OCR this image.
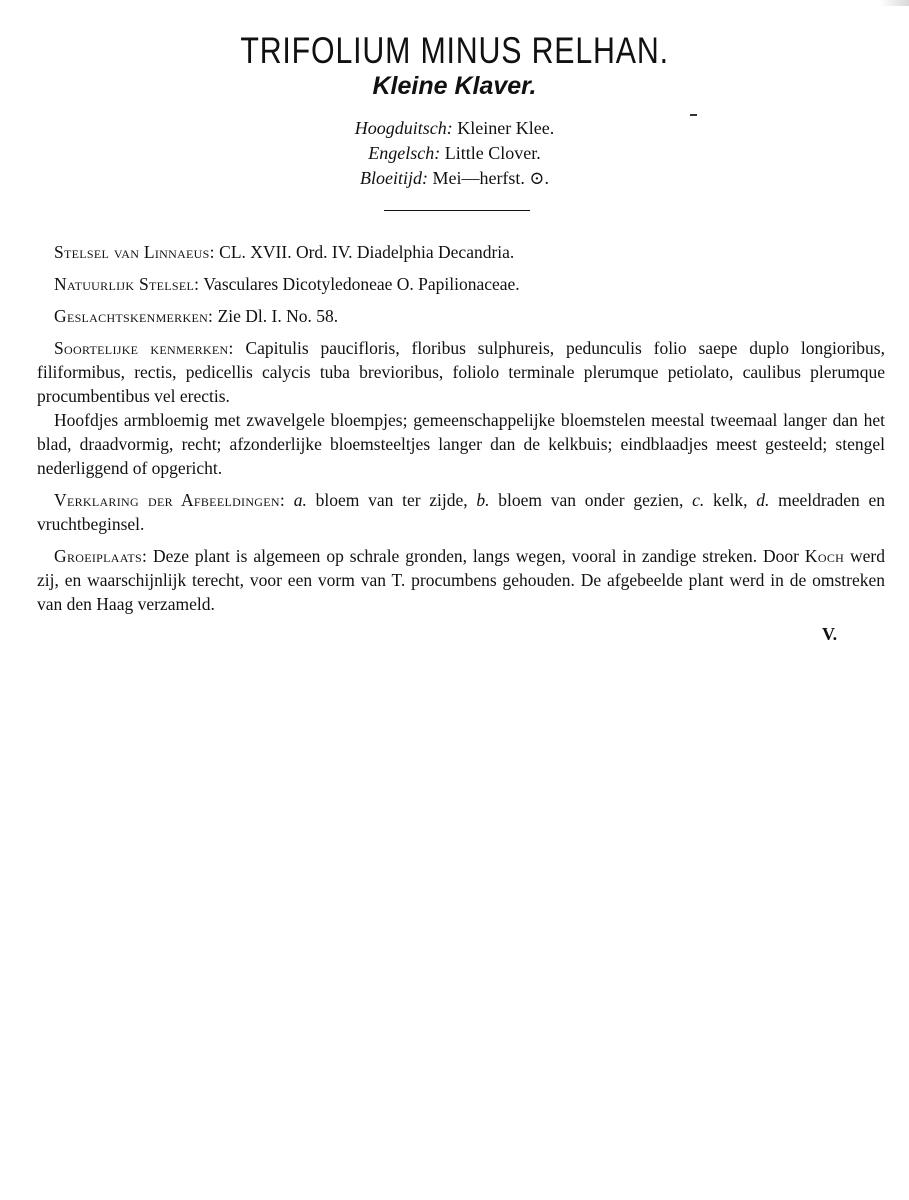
TRIFOLIUM MINUS RELHAN.
Kleine Klaver.
Hoogduitsch: Kleiner Klee.
Engelsch: Little Clover.
Bloeitijd: Mei—herfst. ⊙.

Stelsel van Linnaeus: CL. XVII. Ord. IV. Diadelphia Decandria.

Natuurlijk Stelsel: Vasculares Dicotyledoneae O. Papilionaceae.

Geslachtskenmerken: Zie Dl. I. No. 58.

Soortelijke kenmerken: Capitulis paucifloris, floribus sulphureis, pedunculis folio saepe duplo longioribus, filiformibus, rectis, pedicellis calycis tuba brevioribus, foliolo terminale plerumque petiolato, caulibus plerumque procumbentibus vel erectis.

Hoofdjes armbloemig met zwavelgele bloempjes; gemeenschappelijke bloemstelen meestal tweemaal langer dan het blad, draadvormig, recht; afzonderlijke bloemsteeltjes langer dan de kelkbuis; eindblaadjes meest gesteeld; stengel nederliggend of opgericht.

Verklaring der Afbeeldingen: a. bloem van ter zijde, b. bloem van onder gezien, c. kelk, d. meeldraden en vruchtbeginsel.

Groeiplaats: Deze plant is algemeen op schrale gronden, langs wegen, vooral in zandige streken. Door Koch werd zij, en waarschijnlijk terecht, voor een vorm van T. procumbens gehouden. De afgebeelde plant werd in de omstreken van den Haag verzameld.

V.
